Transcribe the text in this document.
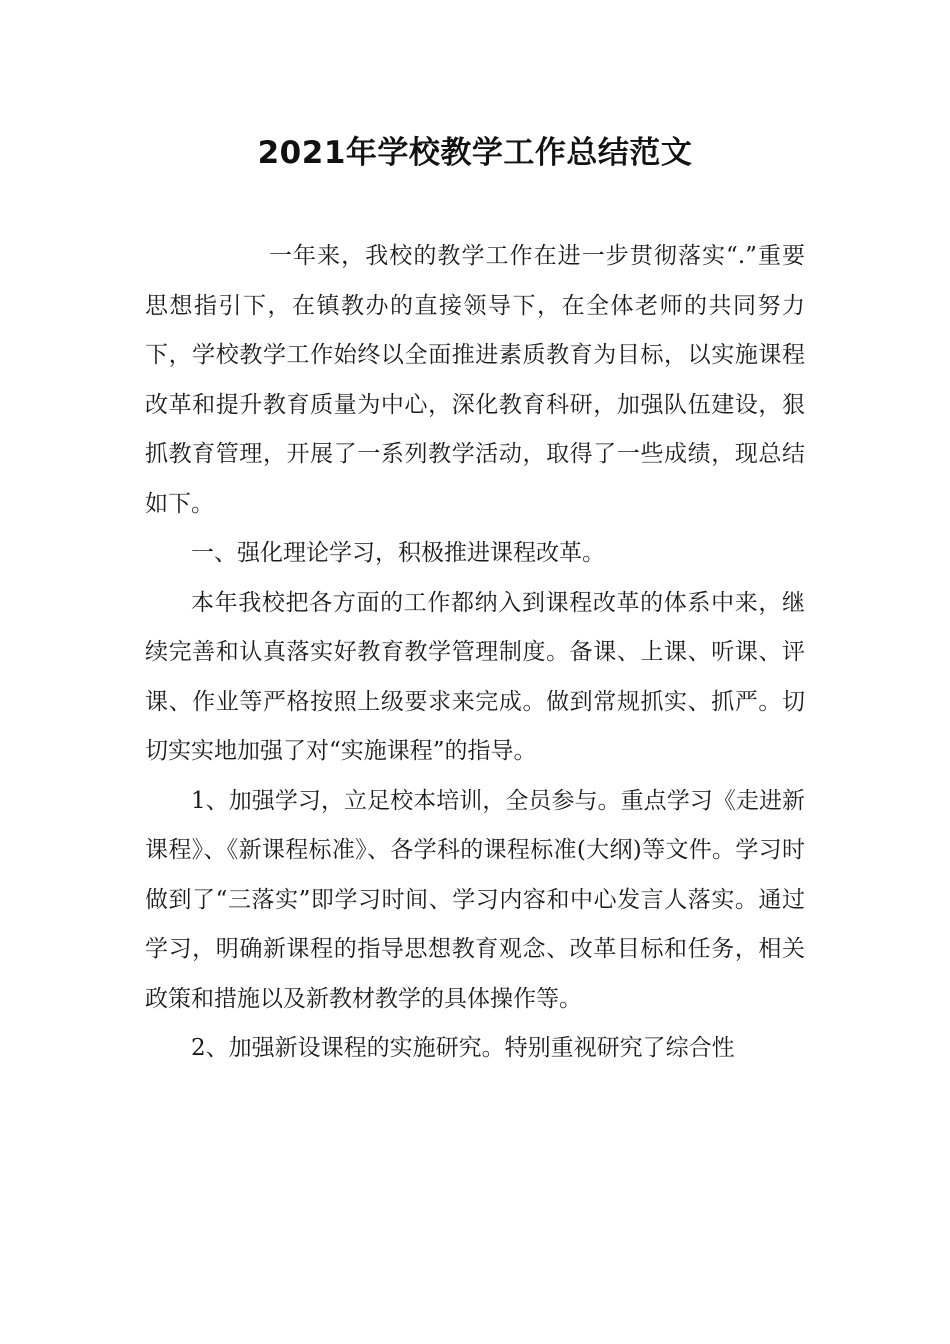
2021年学校教学工作总结范文

一年来，我校的教学工作在进一步贯彻落实“.”重要思想指引下，在镇教办的直接领导下，在全体老师的共同努力下，学校教学工作始终以全面推进素质教育为目标，以实施课程改革和提升教育质量为中心，深化教育科研，加强队伍建设，狠抓教育管理，开展了一系列教学活动，取得了一些成绩，现总结如下。

一、强化理论学习，积极推进课程改革。

本年我校把各方面的工作都纳入到课程改革的体系中来，继续完善和认真落实好教育教学管理制度。备课、上课、听课、评课、作业等严格按照上级要求来完成。做到常规抓实、抓严。切切实实地加强了对“实施课程”的指导。

1、加强学习，立足校本培训，全员参与。重点学习《走进新课程》、《新课程标准》、各学科的课程标准(大纲)等文件。学习时做到了“三落实”即学习时间、学习内容和中心发言人落实。通过学习，明确新课程的指导思想教育观念、改革目标和任务，相关政策和措施以及新教材教学的具体操作等。

2、加强新设课程的实施研究。特别重视研究了综合性
